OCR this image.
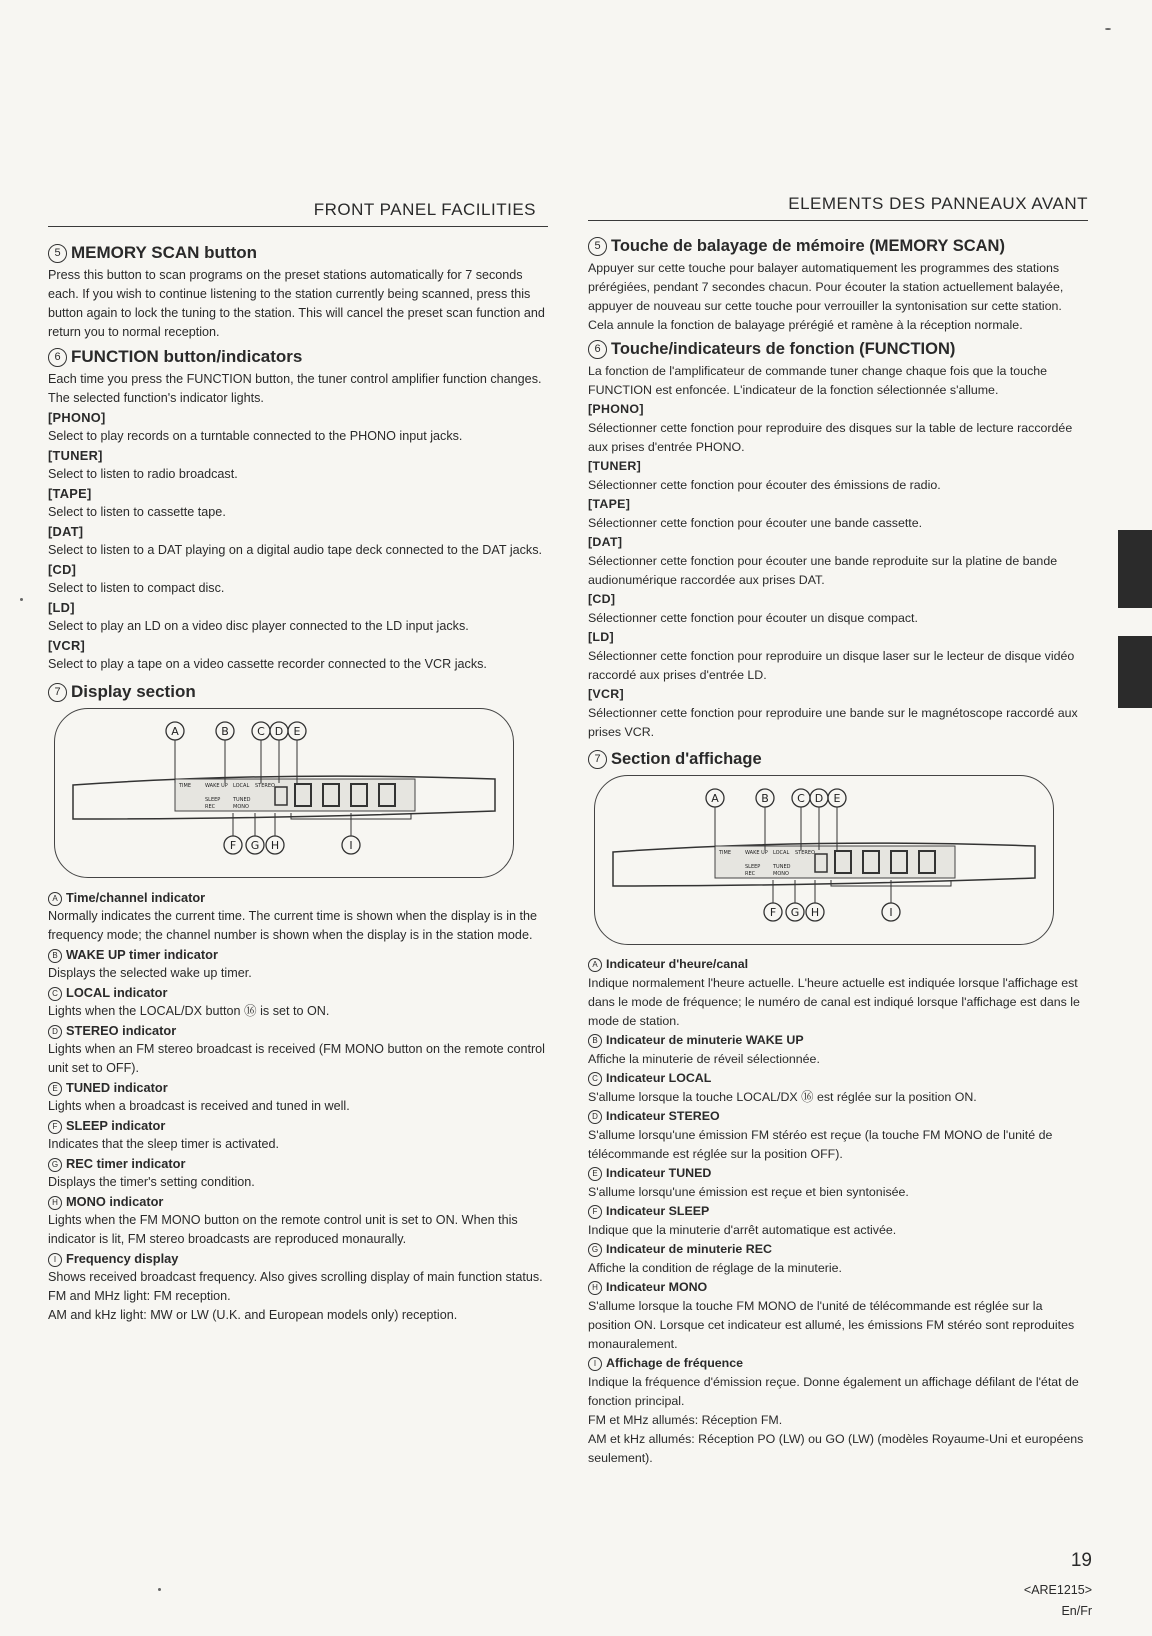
FRONT PANEL FACILITIES
5 MEMORY SCAN button

Press this button to scan programs on the preset stations automatically for 7 seconds each. If you wish to continue listening to the station currently being scanned, press this button again to lock the tuning to the station. This will cancel the preset scan function and return you to normal reception.

6 FUNCTION button/indicators

Each time you press the FUNCTION button, the tuner control amplifier function changes. The selected function's indicator lights.

[PHONO]
Select to play records on a turntable connected to the PHONO input jacks.
[TUNER]
Select to listen to radio broadcast.
[TAPE]
Select to listen to cassette tape.
[DAT]
Select to listen to a DAT playing on a digital audio tape deck connected to the DAT jacks.
[CD]
Select to listen to compact disc.
[LD]
Select to play an LD on a video disc player connected to the LD input jacks.
[VCR]
Select to play a tape on a video cassette recorder connected to the VCR jacks.
7 Display section
TIME	WAKE UP LOCAL STEREO
SLEEP	TUNED
REC	MONO
A	B	C D E
F G H	I
A Time/channel indicator
Normally indicates the current time. The current time is shown when the display is in the frequency mode; the channel number is shown when the display is in the station mode.
B WAKE UP timer indicator
Displays the selected wake up timer.
C LOCAL indicator
Lights when the LOCAL/DX button ⑯ is set to ON.
D STEREO indicator
Lights when an FM stereo broadcast is received (FM MONO button on the remote control unit set to OFF).
E TUNED indicator
Lights when a broadcast is received and tuned in well.
F SLEEP indicator
Indicates that the sleep timer is activated.
G REC timer indicator
Displays the timer's setting condition.
H MONO indicator
Lights when the FM MONO button on the remote control unit is set to ON. When this indicator is lit, FM stereo broadcasts are reproduced monaurally.
I Frequency display
Shows received broadcast frequency. Also gives scrolling display of main function status.
FM and MHz light: FM reception.
AM and kHz light: MW or LW (U.K. and European models only) reception.
ELEMENTS DES PANNEAUX AVANT
5 Touche de balayage de mémoire (MEMORY SCAN)

Appuyer sur cette touche pour balayer automatiquement les programmes des stations prérégiées, pendant 7 secondes chacun. Pour écouter la station actuellement balayée, appuyer de nouveau sur cette touche pour verrouiller la syntonisation sur cette station. Cela annule la fonction de balayage prérégié et ramène à la réception normale.

6 Touche/indicateurs de fonction (FUNCTION)

La fonction de l'amplificateur de commande tuner change chaque fois que la touche FUNCTION est enfoncée. L'indicateur de la fonction sélectionnée s'allume.

[PHONO]
Sélectionner cette fonction pour reproduire des disques sur la table de lecture raccordée aux prises d'entrée PHONO.
[TUNER]
Sélectionner cette fonction pour écouter des émissions de radio.
[TAPE]
Sélectionner cette fonction pour écouter une bande cassette.
[DAT]
Sélectionner cette fonction pour écouter une bande reproduite sur la platine de bande audionumérique raccordée aux prises DAT.
[CD]
Sélectionner cette fonction pour écouter un disque compact.
[LD]
Sélectionner cette fonction pour reproduire un disque laser sur le lecteur de disque vidéo raccordé aux prises d'entrée LD.
[VCR]
Sélectionner cette fonction pour reproduire une bande sur le magnétoscope raccordé aux prises VCR.
7 Section d'affichage
TIME	WAKE UP LOCAL STEREO
SLEEP	TUNED
REC	MONO
A	B	C D E
F G H	I
A Indicateur d'heure/canal
Indique normalement l'heure actuelle. L'heure actuelle est indiquée lorsque l'affichage est dans le mode de fréquence; le numéro de canal est indiqué lorsque l'affichage est dans le mode de station.
B Indicateur de minuterie WAKE UP
Affiche la minuterie de réveil sélectionnée.
C Indicateur LOCAL
S'allume lorsque la touche LOCAL/DX ⑯ est réglée sur la position ON.
D Indicateur STEREO
S'allume lorsqu'une émission FM stéréo est reçue (la touche FM MONO de l'unité de télécommande est réglée sur la position OFF).
E Indicateur TUNED
S'allume lorsqu'une émission est reçue et bien syntonisée.
F Indicateur SLEEP
Indique que la minuterie d'arrêt automatique est activée.
G Indicateur de minuterie REC
Affiche la condition de réglage de la minuterie.
H Indicateur MONO
S'allume lorsque la touche FM MONO de l'unité de télécommande est réglée sur la position ON. Lorsque cet indicateur est allumé, les émissions FM stéréo sont reproduites monauralement.
I Affichage de fréquence
Indique la fréquence d'émission reçue. Donne également un affichage défilant de l'état de fonction principal.
FM et MHz allumés: Réception FM.
AM et kHz allumés: Réception PO (LW) ou GO (LW) (modèles Royaume-Uni et européens seulement).
19
<ARE1215>
En/Fr
